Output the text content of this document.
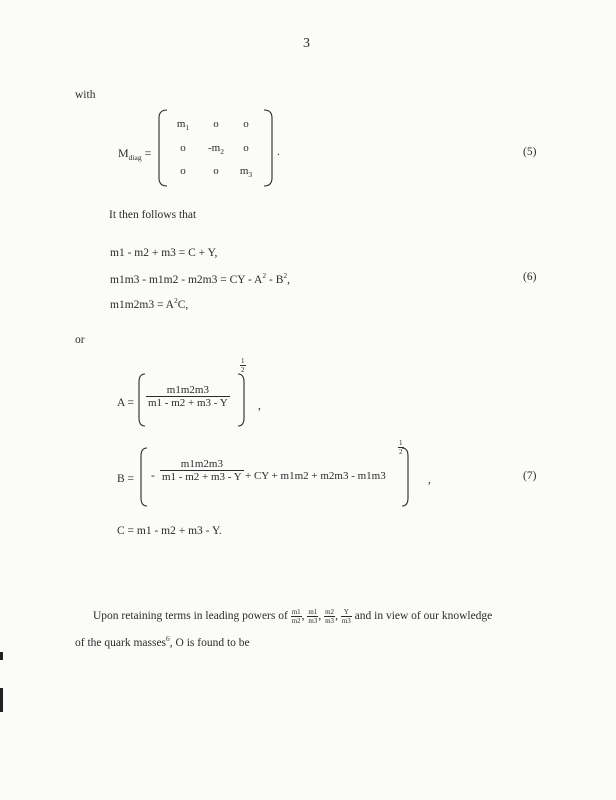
3
with
$M_{diag}$ =
$m_1$	o	o
o	$-m_2$	o
o	o	$m_3$
.	(5)
It then follows that
m1 - m2 + m3 = C + Y,
m1m3 - m1m2 - m2m3 = CY - $A^2 - B^2$,
$m1m2m3 = A^2C$,
(6)
or
$A = \frac{m1m2m3}{m1 - m2 + m3 - Y}$
$\frac{1}{2}$
,
B = - $\frac{m1m2m3}{m1 - m2 + m3 - Y}$ + CY + m1m2 + m2m3 - m1m3
$\frac{1}{2}$
,	(7)
C = m1 - m2 + m3 - Y.
Upon retaining terms in leading powers of $\frac{m1}{m2}$ , $\frac{m1}{m3}$ , $\frac{m2}{m3}$ , $\frac{Y}{m3}$ and in view of our knowledge
of the quark masses$^6$, O is found to be
